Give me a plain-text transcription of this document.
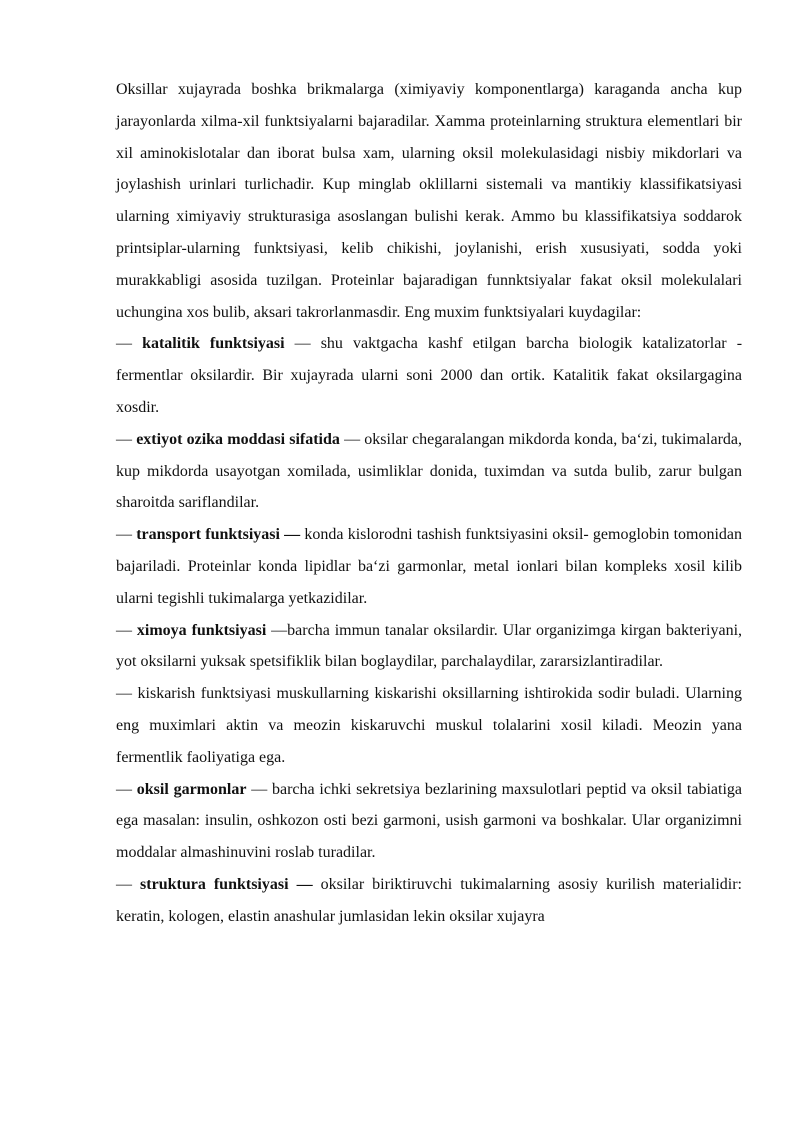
Oksillar xujayrada boshka brikmalarga (ximiyaviy komponentlarga) karaganda ancha kup jarayonlarda xilma-xil funktsiyalarni bajaradilar. Xamma proteinlarning struktura elementlari bir xil aminokislotalar dan iborat bulsa xam, ularning oksil molekulasidagi nisbiy mikdorlari va joylashish urinlari turlichadir. Kup minglab oklillarni sistemali va mantikiy klassifikatsiyasi ularning ximiyaviy strukturasiga asoslangan bulishi kerak. Ammo bu klassifikatsiya soddarok printsiplar-ularning funktsiyasi, kelib chikishi, joylanishi, erish xususiyati, sodda yoki murakkabligi asosida tuzilgan. Proteinlar bajaradigan funnktsiyalar fakat oksil molekulalari uchungina xos bulib, aksari takrorlanmasdir. Eng muxim funktsiyalari kuydagilar:

— katalitik funktsiyasi — shu vaktgacha kashf etilgan barcha biologik katalizatorlar - fermentlar oksilardir. Bir xujayrada ularni soni 2000 dan ortik. Katalitik fakat oksilargagina xosdir.

— extiyot ozika moddasi sifatida — oksilar chegaralangan mikdorda konda, ba‘zi, tukimalarda, kup mikdorda usayotgan xomilada, usimliklar donida, tuximdan va sutda bulib, zarur bulgan sharoitda sariflandilar.

— transport funktsiyasi — konda kislorodni tashish funktsiyasini oksil- gemoglobin tomonidan bajariladi. Proteinlar konda lipidlar ba‘zi garmonlar, metal ionlari bilan kompleks xosil kilib ularni tegishli tukimalarga yetkazidilar.

— ximoya funktsiyasi —barcha immun tanalar oksilardir. Ular organizimga kirgan bakteriyani, yot oksilarni yuksak spetsifiklik bilan boglaydilar, parchalaydilar, zararsizlantiradilar.

— kiskarish funktsiyasi muskullarning kiskarishi oksillarning ishtirokida sodir buladi. Ularning eng muximlari aktin va meozin kiskaruvchi muskul tolalarini xosil kiladi. Meozin yana fermentlik faoliyatiga ega.

— oksil garmonlar — barcha ichki sekretsiya bezlarining maxsulotlari peptid va oksil tabiatiga ega masalan: insulin, oshkozon osti bezi garmoni, usish garmoni va boshkalar. Ular organizimni moddalar almashinuvini roslab turadilar.

— struktura funktsiyasi — oksilar biriktiruvchi tukimalarning asosiy kurilish materialidir: keratin, kologen, elastin anashular jumlasidan lekin oksilar xujayra
